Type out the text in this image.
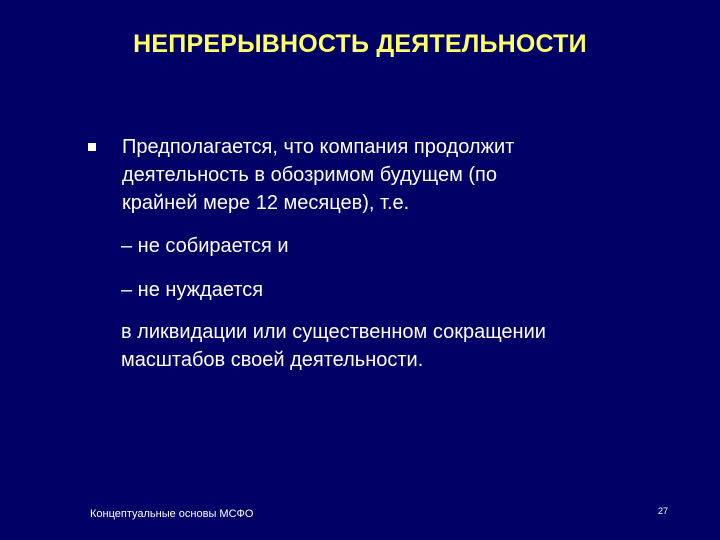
НЕПРЕРЫВНОСТЬ ДЕЯТЕЛЬНОСТИ
Предполагается, что компания продолжит
деятельность в обозримом будущем (по
крайней мере 12 месяцев), т.е.
– не собирается и
– не нуждается
в ликвидации или существенном сокращении
масштабов своей деятельности.
Концептуальные основы МСФО	27
